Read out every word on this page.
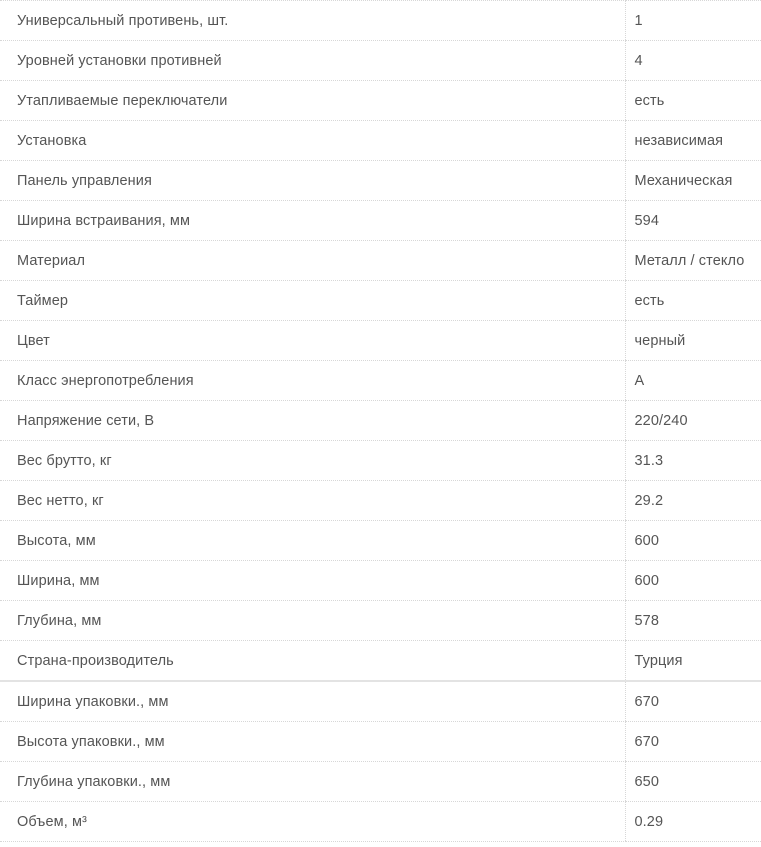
Универсальный противень, шт.	1
Уровней установки противней	4
Утапливаемые переключатели	есть
Установка	независимая
Панель управления	Механическая
Ширина встраивания, мм	594
Материал	Металл / стекло
Таймер	есть
Цвет	черный
Класс энергопотребления	A
Напряжение сети, В	220/240
Вес брутто, кг	31.3
Вес нетто, кг	29.2
Высота, мм	600
Ширина, мм	600
Глубина, мм	578
Страна-производитель	Турция
Ширина упаковки., мм	670
Высота упаковки., мм	670
Глубина упаковки., мм	650
Объем, м³	0.29
